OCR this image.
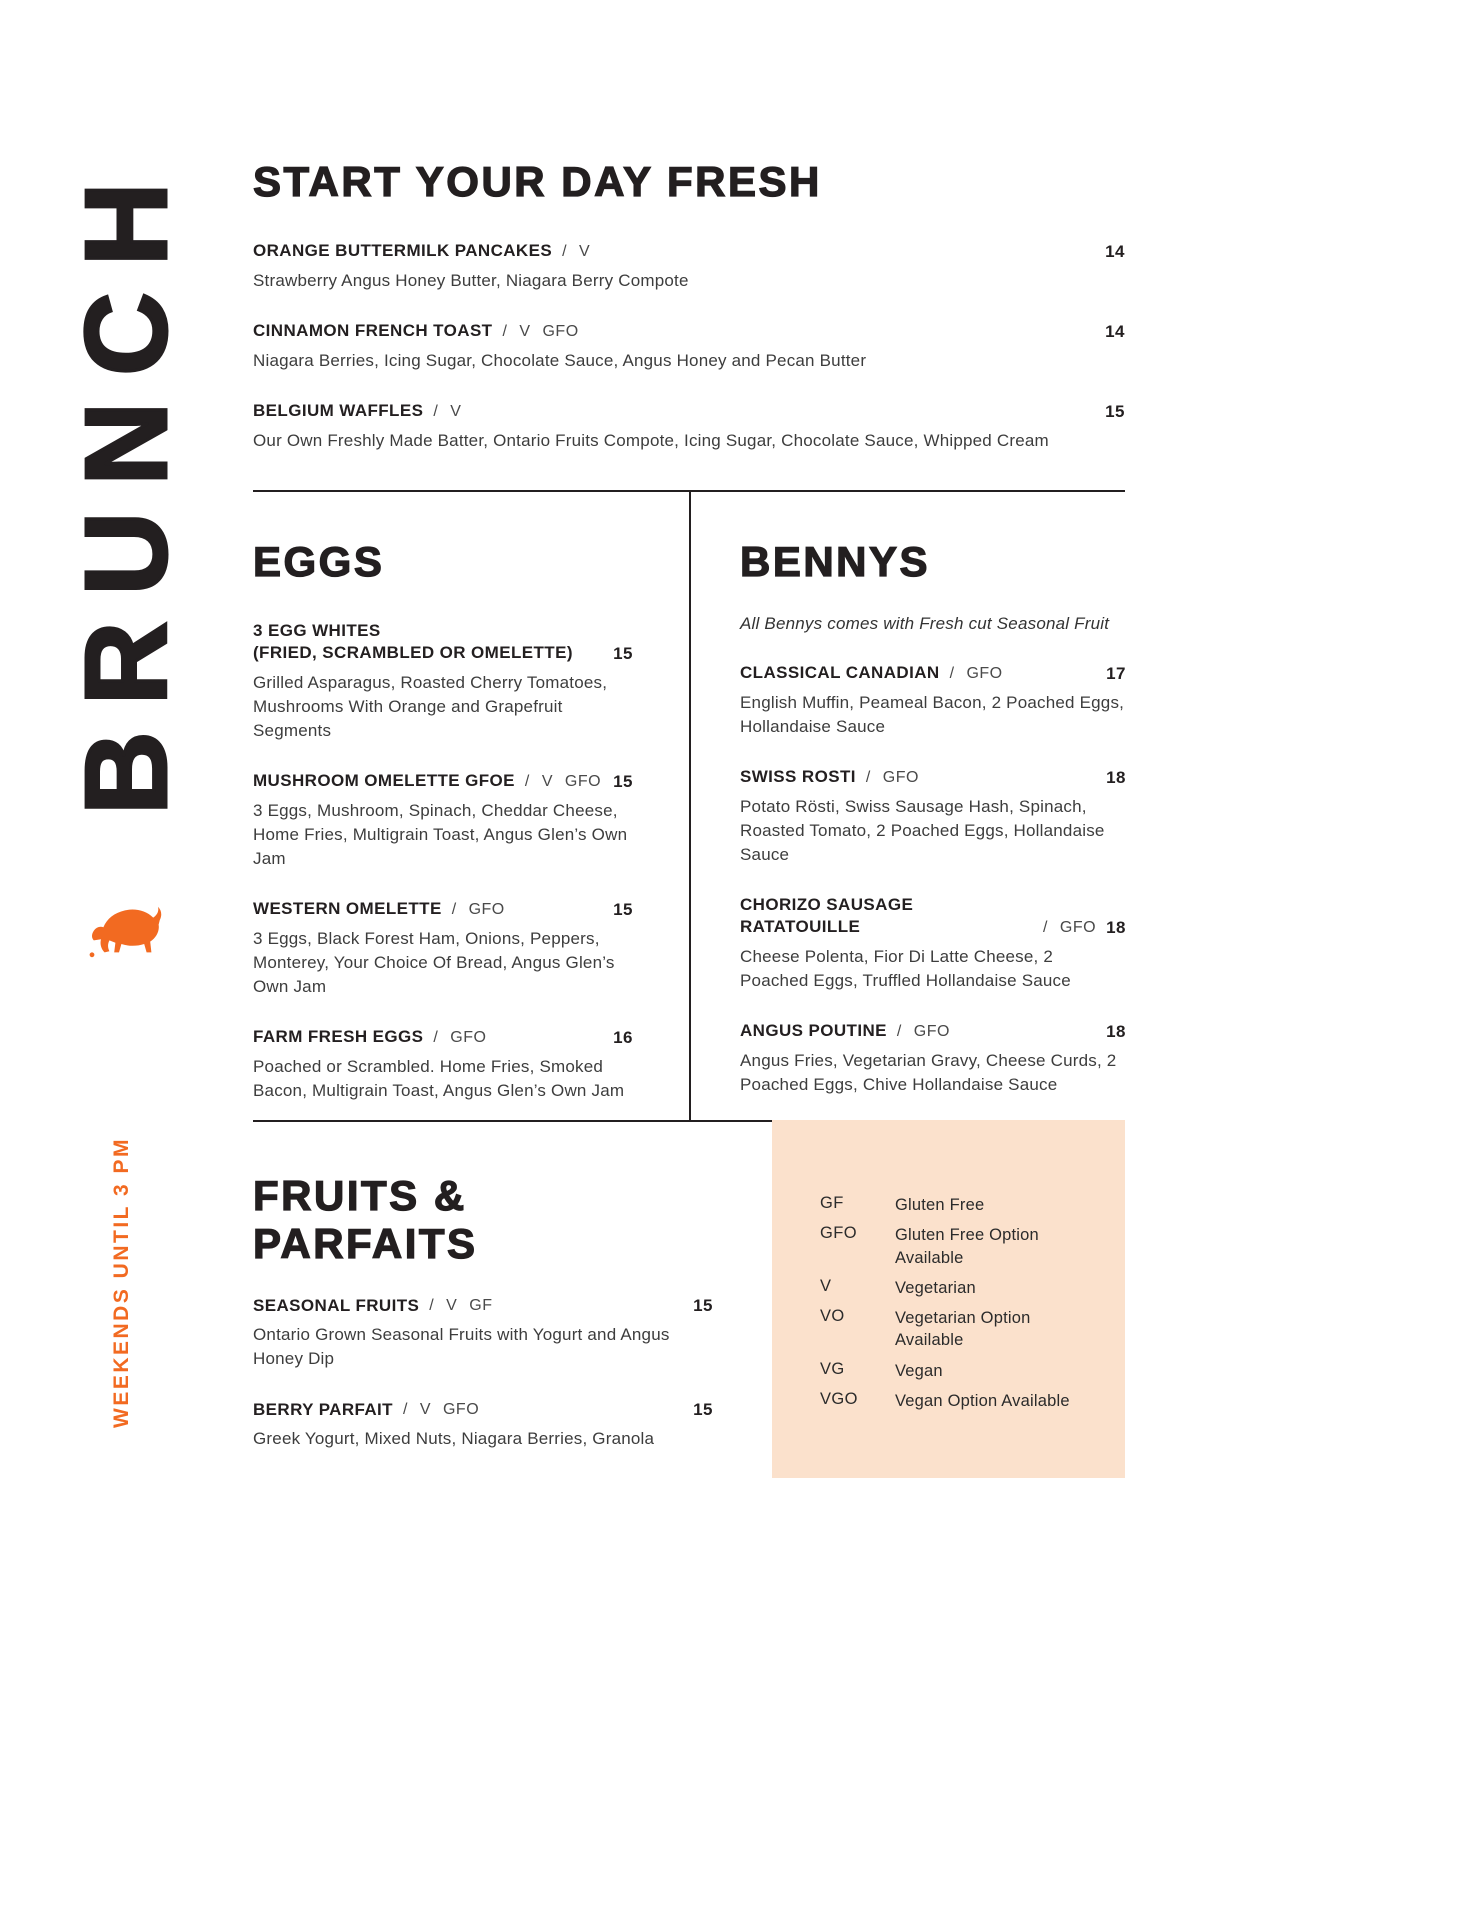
BRUNCH
WEEKENDS UNTIL 3 PM
START YOUR DAY FRESH
ORANGE BUTTERMILK PANCAKES / V	14
Strawberry Angus Honey Butter, Niagara Berry Compote
CINNAMON FRENCH TOAST / V GFO	14
Niagara Berries, Icing Sugar, Chocolate Sauce, Angus Honey and Pecan Butter
BELGIUM WAFFLES / V	15
Our Own Freshly Made Batter, Ontario Fruits Compote, Icing Sugar, Chocolate Sauce, Whipped Cream
EGGS
3 EGG WHITES
(FRIED, SCRAMBLED OR OMELETTE) 15
Grilled Asparagus, Roasted Cherry Tomatoes, Mushrooms With Orange and Grapefruit Segments
MUSHROOM OMELETTE GFOE / V GFO 15
3 Eggs, Mushroom, Spinach, Cheddar Cheese, Home Fries, Multigrain Toast, Angus Glen’s Own Jam
WESTERN OMELETTE / GFO	15
3 Eggs, Black Forest Ham, Onions, Peppers, Monterey, Your Choice Of Bread, Angus Glen’s Own Jam
FARM FRESH EGGS / GFO	16
Poached or Scrambled. Home Fries, Smoked Bacon, Multigrain Toast, Angus Glen’s Own Jam
BENNYS
All Bennys comes with Fresh cut Seasonal Fruit
CLASSICAL CANADIAN / GFO	17
English Muffin, Peameal Bacon, 2 Poached Eggs, Hollandaise Sauce
SWISS ROSTI / GFO	18
Potato Rösti, Swiss Sausage Hash, Spinach, Roasted Tomato, 2 Poached Eggs, Hollandaise Sauce
CHORIZO SAUSAGE RATATOUILLE	/ GFO 18
Cheese Polenta, Fior Di Latte Cheese, 2 Poached Eggs, Truffled Hollandaise Sauce
ANGUS POUTINE / GFO	18
Angus Fries, Vegetarian Gravy, Cheese Curds, 2 Poached Eggs, Chive Hollandaise Sauce
FRUITS &
PARFAITS
SEASONAL FRUITS / V GF	15
Ontario Grown Seasonal Fruits with Yogurt and Angus Honey Dip
BERRY PARFAIT / V GFO	15
Greek Yogurt, Mixed Nuts, Niagara Berries, Granola
GF	Gluten Free
GFO	Gluten Free Option Available
V	Vegetarian
VO	Vegetarian Option Available
VG	Vegan
VGO	Vegan Option Available
